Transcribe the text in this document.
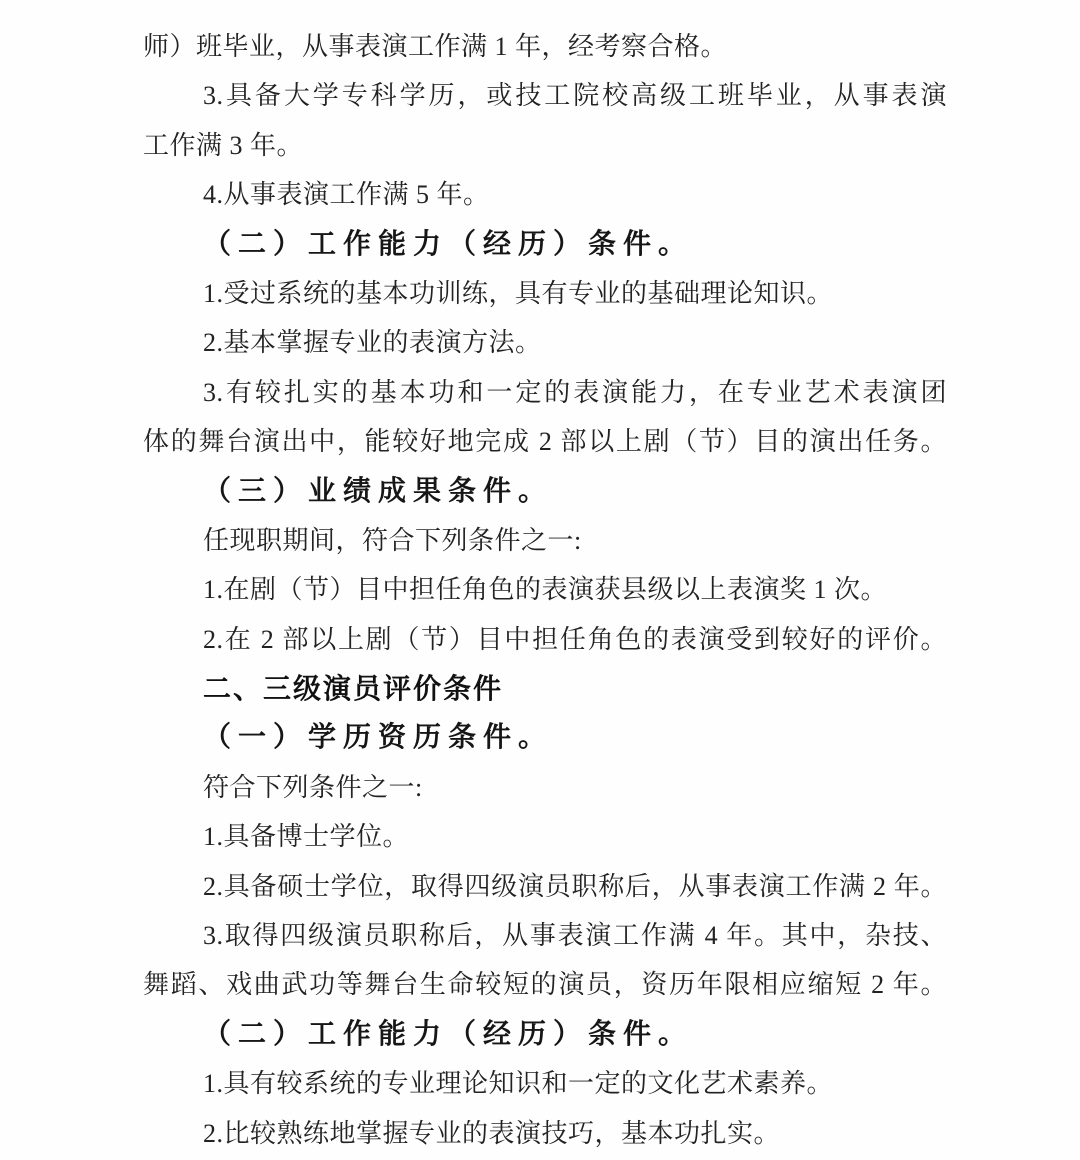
师）班毕业，从事表演工作满 1 年，经考察合格。
3.具备大学专科学历，或技工院校高级工班毕业，从事表演
工作满 3 年。
4.从事表演工作满 5 年。
（二）工作能力（经历）条件。
1.受过系统的基本功训练，具有专业的基础理论知识。
2.基本掌握专业的表演方法。
3.有较扎实的基本功和一定的表演能力，在专业艺术表演团
体的舞台演出中，能较好地完成 2 部以上剧（节）目的演出任务。
（三）业绩成果条件。
任现职期间，符合下列条件之一:
1.在剧（节）目中担任角色的表演获县级以上表演奖 1 次。
2.在 2 部以上剧（节）目中担任角色的表演受到较好的评价。
二、三级演员评价条件
（一）学历资历条件。
符合下列条件之一:
1.具备博士学位。
2.具备硕士学位，取得四级演员职称后，从事表演工作满 2 年。
3.取得四级演员职称后，从事表演工作满 4 年。其中，杂技、
舞蹈、戏曲武功等舞台生命较短的演员，资历年限相应缩短 2 年。
（二）工作能力（经历）条件。
1.具有较系统的专业理论知识和一定的文化艺术素养。
2.比较熟练地掌握专业的表演技巧，基本功扎实。
